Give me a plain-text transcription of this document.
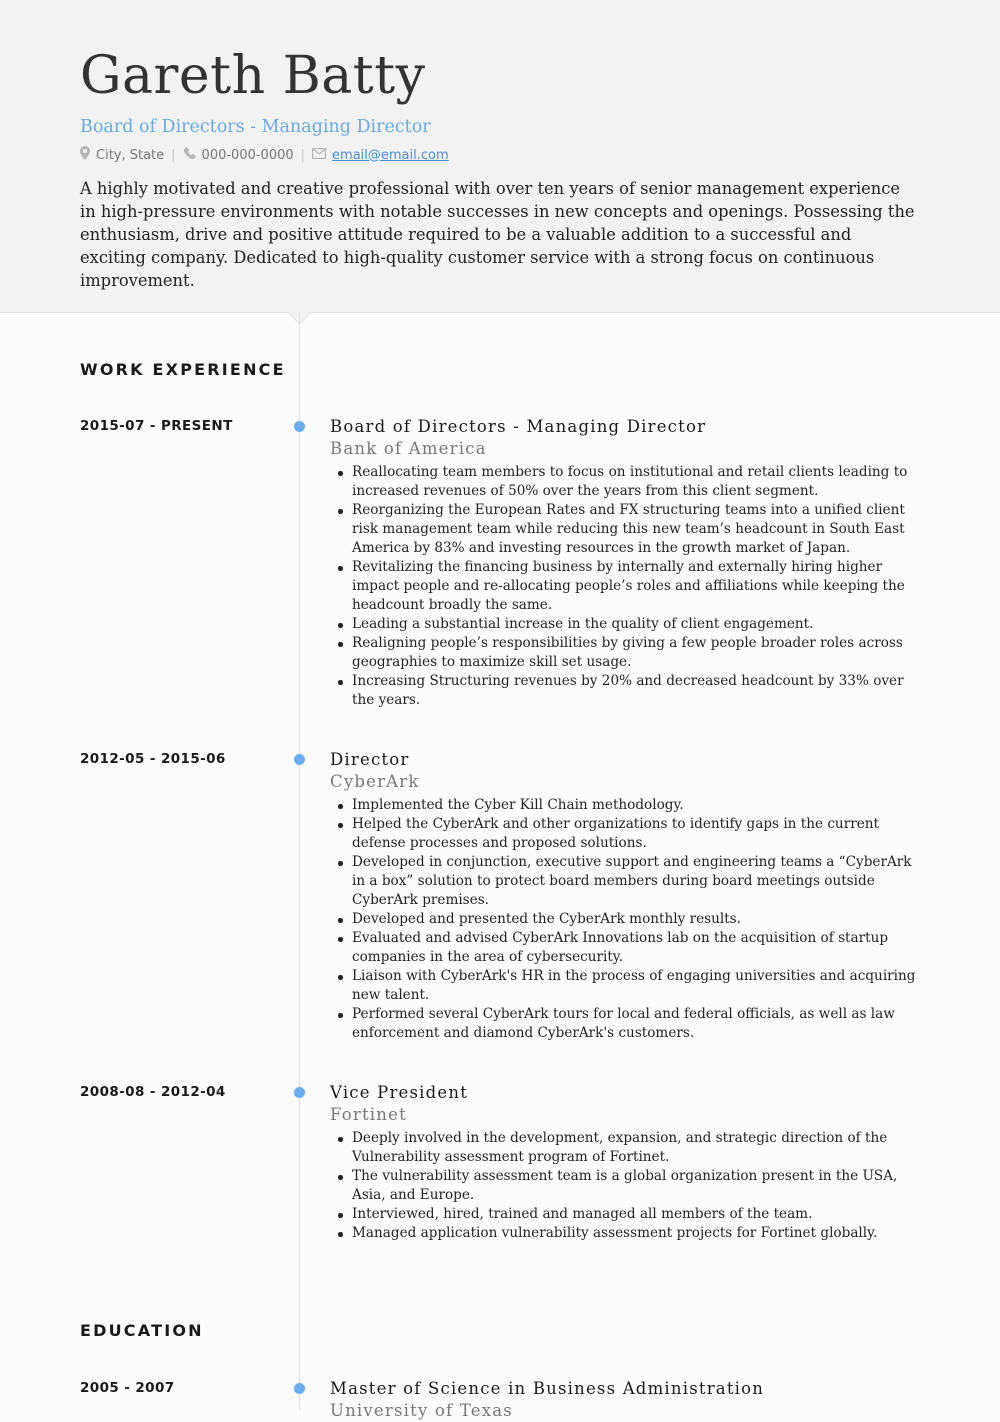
Gareth Batty
Board of Directors - Managing Director
City, State | 000-000-0000 | email@email.com

A highly motivated and creative professional with over ten years of senior management experience in high-pressure environments with notable successes in new concepts and openings. Possessing the enthusiasm, drive and positive attitude required to be a valuable addition to a successful and exciting company. Dedicated to high-quality customer service with a strong focus on continuous improvement.

WORK EXPERIENCE
2015-07 - PRESENT	Board of Directors - Managing Director
Bank of America
Reallocating team members to focus on institutional and retail clients leading to increased revenues of 50% over the years from this client segment.
Reorganizing the European Rates and FX structuring teams into a unified client risk management team while reducing this new team’s headcount in South East America by 83% and investing resources in the growth market of Japan.
Revitalizing the financing business by internally and externally hiring higher impact people and re-allocating people’s roles and affiliations while keeping the headcount broadly the same.
Leading a substantial increase in the quality of client engagement.
Realigning people’s responsibilities by giving a few people broader roles across geographies to maximize skill set usage.
Increasing Structuring revenues by 20% and decreased headcount by 33% over the years.
2012-05 - 2015-06	Director
CyberArk
Implemented the Cyber Kill Chain methodology.
Helped the CyberArk and other organizations to identify gaps in the current defense processes and proposed solutions.
Developed in conjunction, executive support and engineering teams a “CyberArk in a box” solution to protect board members during board meetings outside CyberArk premises.
Developed and presented the CyberArk monthly results.
Evaluated and advised CyberArk Innovations lab on the acquisition of startup companies in the area of cybersecurity.
Liaison with CyberArk's HR in the process of engaging universities and acquiring new talent.
Performed several CyberArk tours for local and federal officials, as well as law enforcement and diamond CyberArk's customers.
2008-08 - 2012-04	Vice President
Fortinet
Deeply involved in the development, expansion, and strategic direction of the Vulnerability assessment program of Fortinet.
The vulnerability assessment team is a global organization present in the USA, Asia, and Europe.
Interviewed, hired, trained and managed all members of the team.
Managed application vulnerability assessment projects for Fortinet globally.
EDUCATION
2005 - 2007	Master of Science in Business Administration
University of Texas
